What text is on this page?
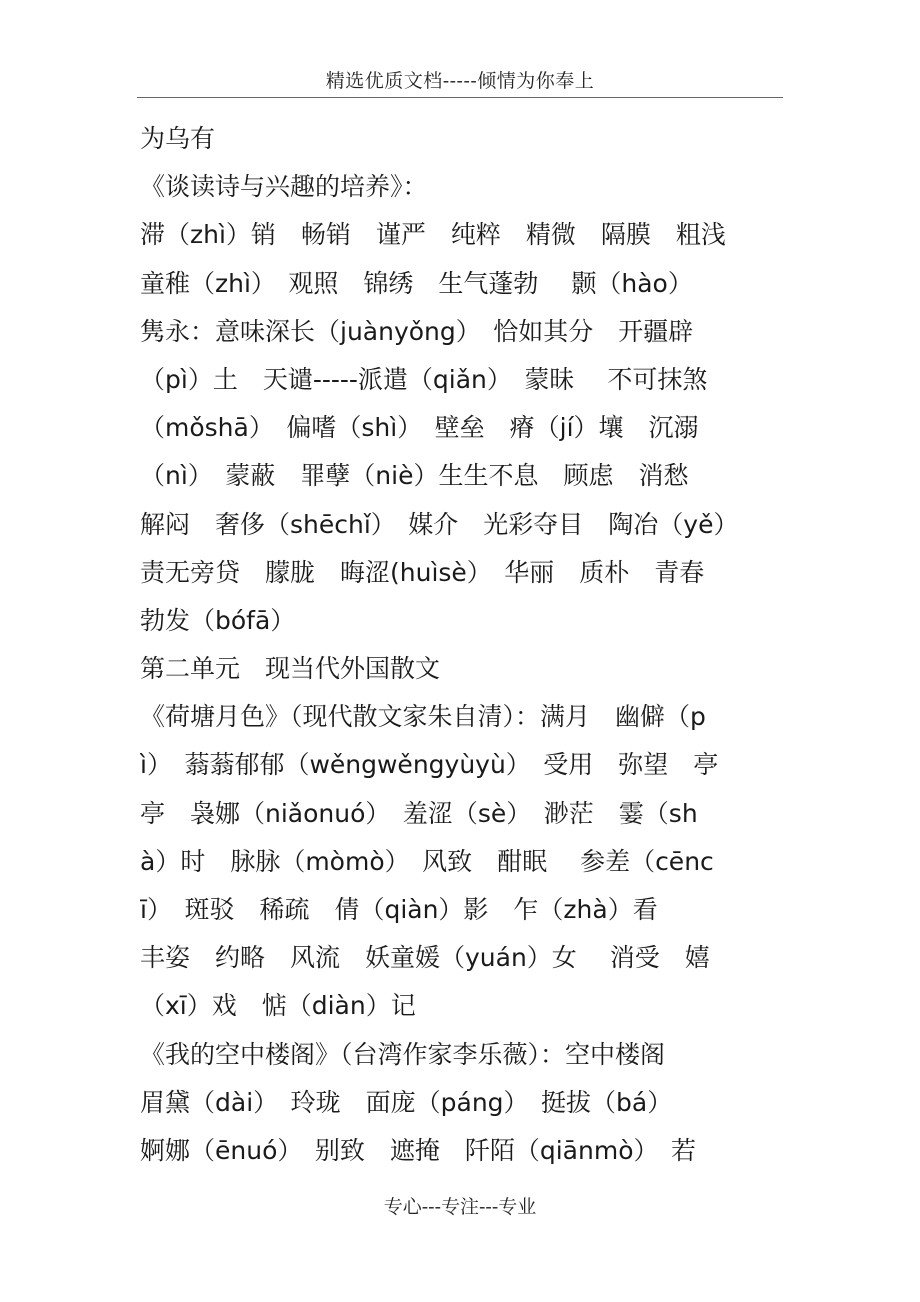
精选优质文档-----倾情为你奉上
为乌有
《谈读诗与兴趣的培养》：
滞（zhì）销　畅销　谨严　纯粹　精微　隔膜　粗浅
童稚（zhì）　观照　锦绣　生气蓬勃　 颢（hào）
隽永：意味深长（juànyǒng）　恰如其分　开疆辟
（pì）土　天谴-----派遣（qiǎn）　蒙昧　 不可抹煞
（mǒshā）　偏嗜（shì）　壁垒　瘠（jí）壤　沉溺
（nì）　蒙蔽　罪孽（niè）生生不息　顾虑　消愁
解闷　奢侈（shēchǐ）　媒介　光彩夺目　陶冶（yě）
责无旁贷　朦胧　晦涩(huìsè）　华丽　质朴　青春
勃发（bófā）
第二单元　现当代外国散文
《荷塘月色》（现代散文家朱自清）：满月　幽僻（p
ì）　蓊蓊郁郁（wěngwěngyùyù）　受用　弥望　亭
亭　袅娜（niǎonuó）　羞涩（sè）　渺茫　霎（sh
à）时　脉脉（mòmò）　风致　酣眠　 参差（cēnc
ī）　斑驳　稀疏　倩（qiàn）影　乍（zhà）看
丰姿　约略　风流　妖童媛（yuán）女　 消受　嬉
（xī）戏　惦（diàn）记
《我的空中楼阁》（台湾作家李乐薇）：空中楼阁
眉黛（dài）　玲珑　面庞（páng）　挺拔（bá）
婀娜（ēnuó）　别致　遮掩　阡陌（qiānmò）　若
专心---专注---专业
